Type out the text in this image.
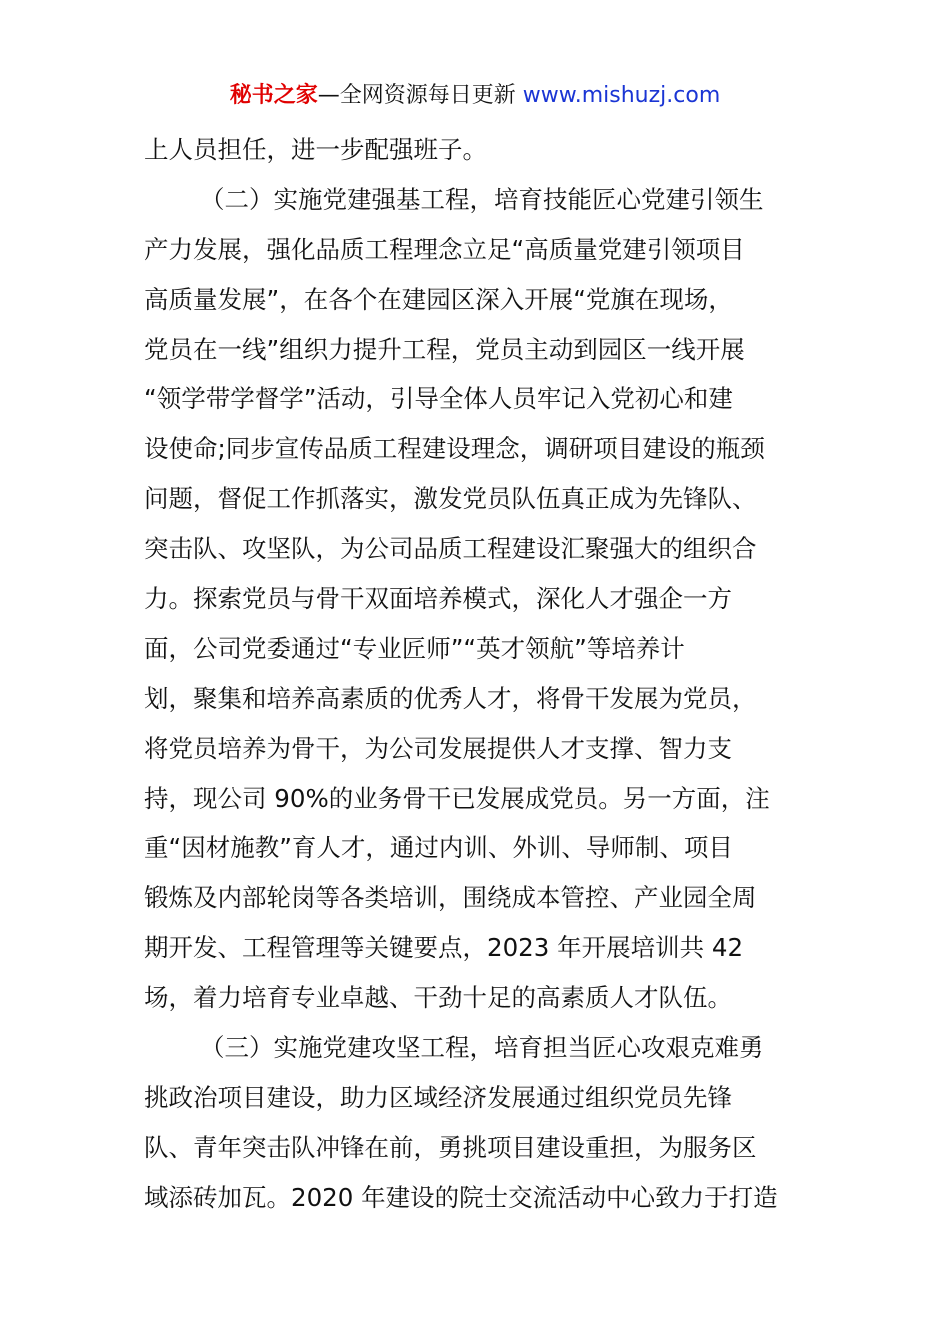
秘书之家—全网资源每日更新 www.mishuzj.com
上人员担任，进一步配强班子。
（二）实施党建强基工程，培育技能匠心党建引领生
产力发展，强化品质工程理念立足“高质量党建引领项目
高质量发展”，在各个在建园区深入开展“党旗在现场，
党员在一线”组织力提升工程，党员主动到园区一线开展
“领学带学督学”活动，引导全体人员牢记入党初心和建
设使命;同步宣传品质工程建设理念，调研项目建设的瓶颈
问题，督促工作抓落实，激发党员队伍真正成为先锋队、
突击队、攻坚队，为公司品质工程建设汇聚强大的组织合
力。探索党员与骨干双面培养模式，深化人才强企一方
面，公司党委通过“专业匠师”“英才领航”等培养计
划，聚集和培养高素质的优秀人才，将骨干发展为党员，
将党员培养为骨干，为公司发展提供人才支撑、智力支
持，现公司 90%的业务骨干已发展成党员。另一方面，注
重“因材施教”育人才，通过内训、外训、导师制、项目
锻炼及内部轮岗等各类培训，围绕成本管控、产业园全周
期开发、工程管理等关键要点，2023 年开展培训共 42
场，着力培育专业卓越、干劲十足的高素质人才队伍。
（三）实施党建攻坚工程，培育担当匠心攻艰克难勇
挑政治项目建设，助力区域经济发展通过组织党员先锋
队、青年突击队冲锋在前，勇挑项目建设重担，为服务区
域添砖加瓦。2020 年建设的院士交流活动中心致力于打造
